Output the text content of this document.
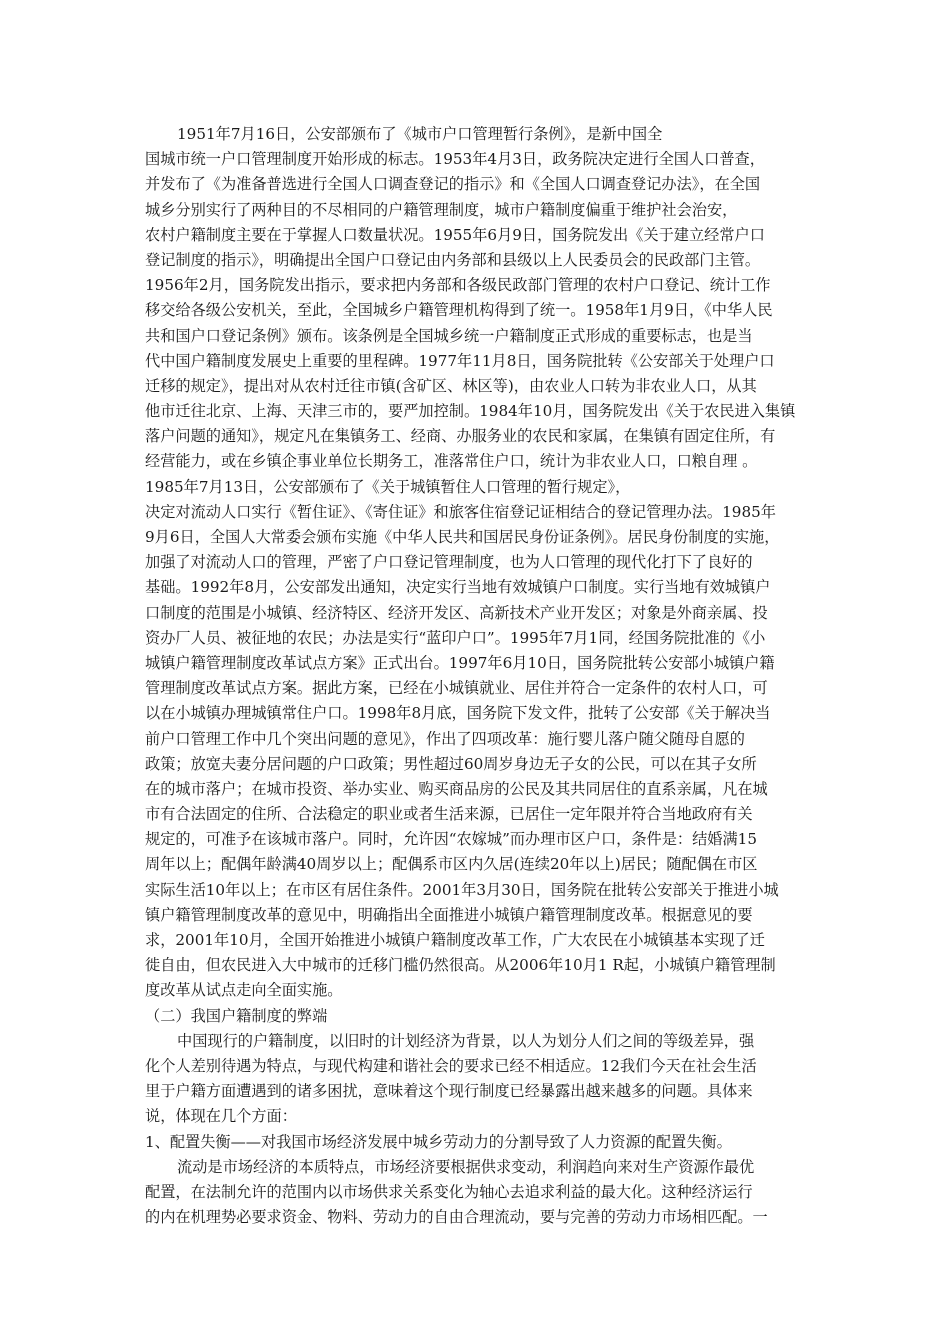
1951年7月16日，公安部颁布了《城市户口管理暂行条例》，是新中国全
国城市统一户口管理制度开始形成的标志。1953年4月3日，政务院决定进行全国人口普查，
并发布了《为准备普选进行全国人口调查登记的指示》和《全国人口调查登记办法》，在全国
城乡分别实行了两种目的不尽相同的户籍管理制度，城市户籍制度偏重于维护社会治安，
农村户籍制度主要在于掌握人口数量状况。1955年6月9日，国务院发出《关于建立经常户口
登记制度的指示》，明确提出全国户口登记由内务部和县级以上人民委员会的民政部门主管。
1956年2月，国务院发出指示，要求把内务部和各级民政部门管理的农村户口登记、统计工作
移交给各级公安机关，至此，全国城乡户籍管理机构得到了统一。1958年1月9日，《中华人民
共和国户口登记条例》颁布。该条例是全国城乡统一户籍制度正式形成的重要标志，也是当
代中国户籍制度发展史上重要的里程碑。1977年11月8日，国务院批转《公安部关于处理户口
迁移的规定》，提出对从农村迁往市镇(含矿区、林区等)，由农业人口转为非农业人口，从其
他市迁往北京、上海、天津三市的，要严加控制。1984年10月，国务院发出《关于农民进入集镇
落户问题的通知》，规定凡在集镇务工、经商、办服务业的农民和家属，在集镇有固定住所，有
经营能力，或在乡镇企事业单位长期务工，准落常住户口，统计为非农业人口，口粮自理 。
1985年7月13日，公安部颁布了《关于城镇暂住人口管理的暂行规定》，
决定对流动人口实行《暂住证》、《寄住证》和旅客住宿登记证相结合的登记管理办法。1985年
9月6日，全国人大常委会颁布实施《中华人民共和国居民身份证条例》。居民身份制度的实施，
加强了对流动人口的管理，严密了户口登记管理制度，也为人口管理的现代化打下了良好的
基础。1992年8月，公安部发出通知，决定实行当地有效城镇户口制度。实行当地有效城镇户
口制度的范围是小城镇、经济特区、经济开发区、高新技术产业开发区；对象是外商亲属、投
资办厂人员、被征地的农民；办法是实行“蓝印户口”。1995年7月1同，经国务院批准的《小
城镇户籍管理制度改革试点方案》正式出台。1997年6月10日，国务院批转公安部小城镇户籍
管理制度改革试点方案。据此方案，已经在小城镇就业、居住并符合一定条件的农村人口，可
以在小城镇办理城镇常住户口。1998年8月底，国务院下发文件，批转了公安部《关于解决当
前户口管理工作中几个突出问题的意见》，作出了四项改革：施行婴儿落户随父随母自愿的
政策；放宽夫妻分居问题的户口政策；男性超过60周岁身边无子女的公民，可以在其子女所
在的城市落户；在城市投资、举办实业、购买商品房的公民及其共同居住的直系亲属，凡在城
市有合法固定的住所、合法稳定的职业或者生活来源，已居住一定年限并符合当地政府有关
规定的，可准予在该城市落户。同时，允许因“农嫁城”而办理市区户口，条件是：结婚满15
周年以上；配偶年龄满40周岁以上；配偶系市区内久居(连续20年以上)居民；随配偶在市区
实际生活10年以上；在市区有居住条件。2001年3月30日，国务院在批转公安部关于推进小城
镇户籍管理制度改革的意见中，明确指出全面推进小城镇户籍管理制度改革。根据意见的要
求，2001年10月，全国开始推进小城镇户籍制度改革工作，广大农民在小城镇基本实现了迁
徙自由，但农民进入大中城市的迁移门槛仍然很高。从2006年10月1 R起，小城镇户籍管理制
度改革从试点走向全面实施。
（二）我国户籍制度的弊端
中国现行的户籍制度，以旧时的计划经济为背景，以人为划分人们之间的等级差异，强
化个人差别待遇为特点，与现代构建和谐社会的要求已经不相适应。12我们今天在社会生活
里于户籍方面遭遇到的诸多困扰，意味着这个现行制度已经暴露出越来越多的问题。具体来
说，体现在几个方面：
1、配置失衡——对我国市场经济发展中城乡劳动力的分割导致了人力资源的配置失衡。
流动是市场经济的本质特点，市场经济要根据供求变动，利润趋向来对生产资源作最优
配置，在法制允许的范围内以市场供求关系变化为轴心去追求利益的最大化。这种经济运行
的内在机理势必要求资金、物料、劳动力的自由合理流动，要与完善的劳动力市场相匹配。一
